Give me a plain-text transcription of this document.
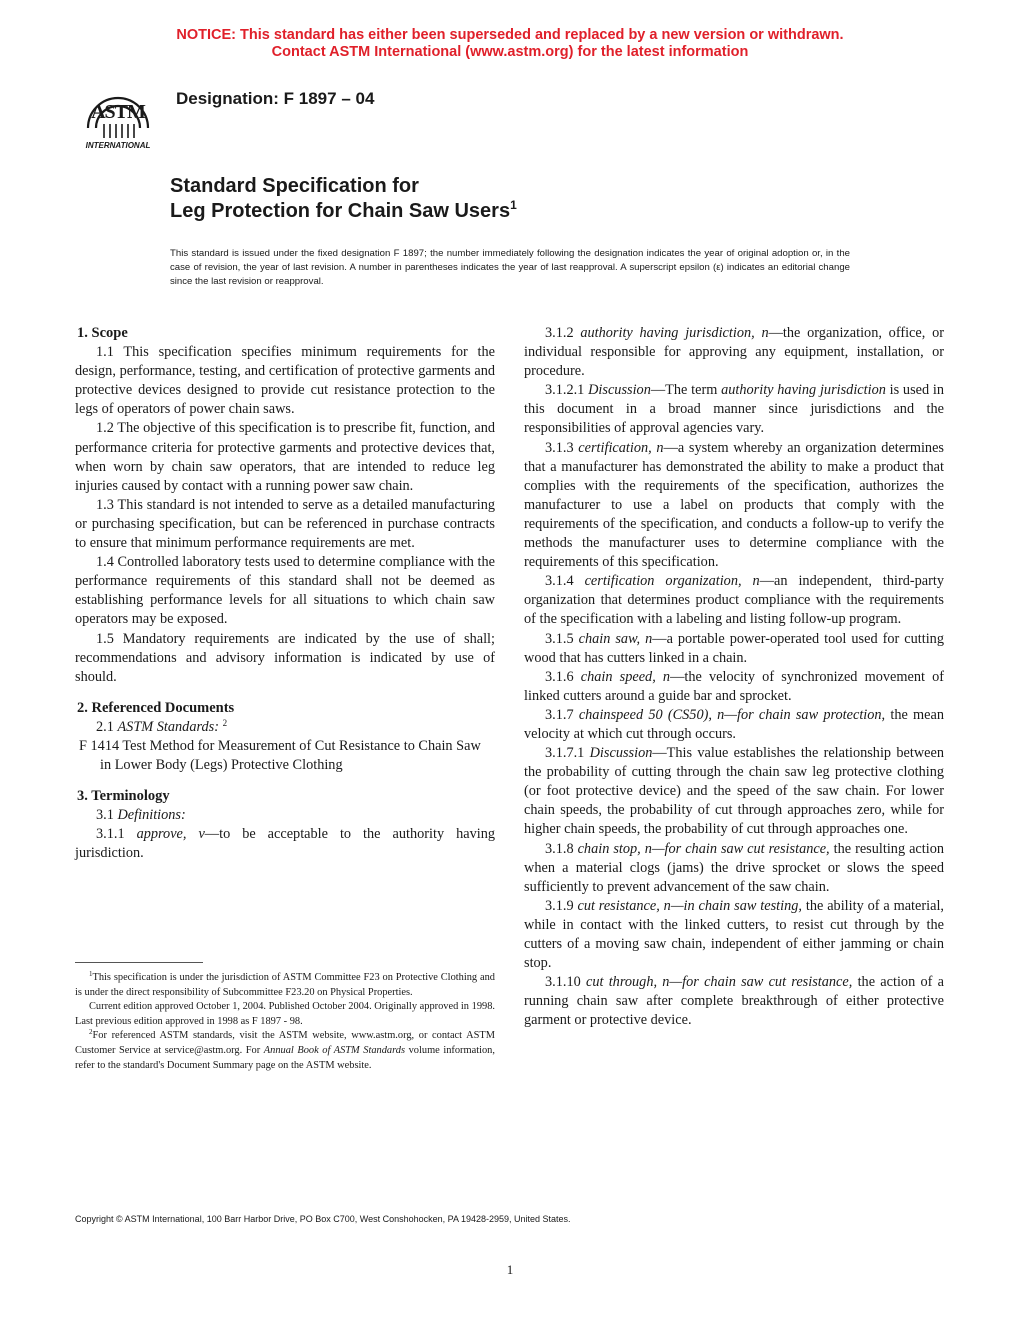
NOTICE: This standard has either been superseded and replaced by a new version or withdrawn.
Contact ASTM International (www.astm.org) for the latest information
ASTM
INTERNATIONAL
Designation: F 1897 – 04
Standard Specification for
Leg Protection for Chain Saw Users$^1$
This standard is issued under the fixed designation F 1897; the number immediately following the designation indicates the year of original adoption or, in the case of revision, the year of last revision. A number in parentheses indicates the year of last reapproval. A superscript epsilon (ε) indicates an editorial change since the last revision or reapproval.
1. Scope

1.1 This specification specifies minimum requirements for the design, performance, testing, and certification of protective garments and protective devices designed to provide cut resistance protection to the legs of operators of power chain saws.

1.2 The objective of this specification is to prescribe fit, function, and performance criteria for protective garments and protective devices that, when worn by chain saw operators, that are intended to reduce leg injuries caused by contact with a running power saw chain.

1.3 This standard is not intended to serve as a detailed manufacturing or purchasing specification, but can be referenced in purchase contracts to ensure that minimum performance requirements are met.

1.4 Controlled laboratory tests used to determine compliance with the performance requirements of this standard shall not be deemed as establishing performance levels for all situations to which chain saw operators may be exposed.

1.5 Mandatory requirements are indicated by the use of shall; recommendations and advisory information is indicated by use of should.

2. Referenced Documents

2.1 ASTM Standards: $^2$

F 1414 Test Method for Measurement of Cut Resistance to Chain Saw in Lower Body (Legs) Protective Clothing

3. Terminology

3.1 Definitions:

3.1.1 approve, v—to be acceptable to the authority having jurisdiction.

3.1.2 authority having jurisdiction, n—the organization, office, or individual responsible for approving any equipment, installation, or procedure.

3.1.2.1 Discussion—The term authority having jurisdiction is used in this document in a broad manner since jurisdictions and the responsibilities of approval agencies vary.

3.1.3 certification, n—a system whereby an organization determines that a manufacturer has demonstrated the ability to make a product that complies with the requirements of the specification, authorizes the manufacturer to use a label on products that comply with the requirements of the specification, and conducts a follow-up to verify the methods the manufacturer uses to determine compliance with the requirements of this specification.

3.1.4 certification organization, n—an independent, third-party organization that determines product compliance with the requirements of the specification with a labeling and listing follow-up program.

3.1.5 chain saw, n—a portable power-operated tool used for cutting wood that has cutters linked in a chain.

3.1.6 chain speed, n—the velocity of synchronized movement of linked cutters around a guide bar and sprocket.

3.1.7 chainspeed 50 (CS50), n—for chain saw protection, the mean velocity at which cut through occurs.

3.1.7.1 Discussion—This value establishes the relationship between the probability of cutting through the chain saw leg protective clothing (or foot protective device) and the speed of the saw chain. For lower chain speeds, the probability of cut through approaches zero, while for higher chain speeds, the probability of cut through approaches one.

3.1.8 chain stop, n—for chain saw cut resistance, the resulting action when a material clogs (jams) the drive sprocket or slows the speed sufficiently to prevent advancement of the saw chain.

3.1.9 cut resistance, n—in chain saw testing, the ability of a material, while in contact with the linked cutters, to resist cut through by the cutters of a moving saw chain, independent of either jamming or chain stop.

3.1.10 cut through, n—for chain saw cut resistance, the action of a running chain saw after complete breakthrough of either protective garment or protective device.

$^1$This specification is under the jurisdiction of ASTM Committee F23 on Protective Clothing and is under the direct responsibility of Subcommittee F23.20 on Physical Properties.

Current edition approved October 1, 2004. Published October 2004. Originally approved in 1998. Last previous edition approved in 1998 as F 1897 - 98.

$^2$For referenced ASTM standards, visit the ASTM website, www.astm.org, or contact ASTM Customer Service at service@astm.org. For Annual Book of ASTM Standards volume information, refer to the standard's Document Summary page on the ASTM website.

Copyright © ASTM International, 100 Barr Harbor Drive, PO Box C700, West Conshohocken, PA 19428-2959, United States.
1
